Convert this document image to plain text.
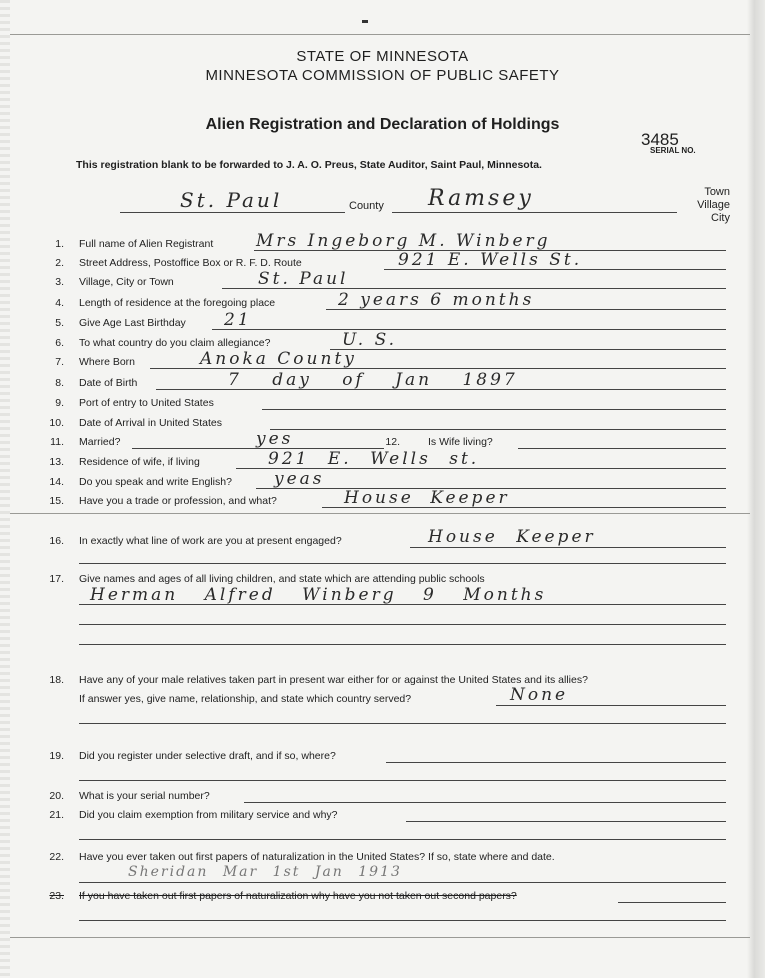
STATE OF MINNESOTA
MINNESOTA COMMISSION OF PUBLIC SAFETY
Alien Registration and Declaration of Holdings
3485
SERIAL NO.
This registration blank to be forwarded to J. A. O. Preus, State Auditor, Saint Paul, Minnesota.
St. Paul	County Ramsey	Town
Village
City
1. Full name of Alien Registrant	Mrs Ingeborg M. Winberg
2. Street Address, Postoffice Box or R. F. D. Route	921 E. Wells St.
3. Village, City or Town	St. Paul
4. Length of residence at the foregoing place	2 years 6 months
5. Give Age Last Birthday 21
6. To what country do you claim allegiance?	U. S.
7. Where Born	Anoka County
8. Date of Birth	7 day of Jan 1897
9. Port of entry to United States
10. Date of Arrival in United States
11. Married?	yes	12.	Is Wife living?
13. Residence of wife, if living	921 E. Wells st.
14. Do you speak and write English? yeas
15. Have you a trade or profession, and what?	House Keeper
16. In exactly what line of work are you at present engaged?	House Keeper
17. Give names and ages of all living children, and state which are attending public schools
Herman Alfred Winberg 9 Months
18. Have any of your male relatives taken part in present war either for or against the United States and its allies?
If answer yes, give name, relationship, and state which country served?	None
19. Did you register under selective draft, and if so, where?
20. What is your serial number?
21. Did you claim exemption from military service and why?
22. Have you ever taken out first papers of naturalization in the United States? If so, state where and date.
Sheridan Mar 1st Jan 1913
23. If you have taken out first papers of naturalization why have you not taken out second papers?
